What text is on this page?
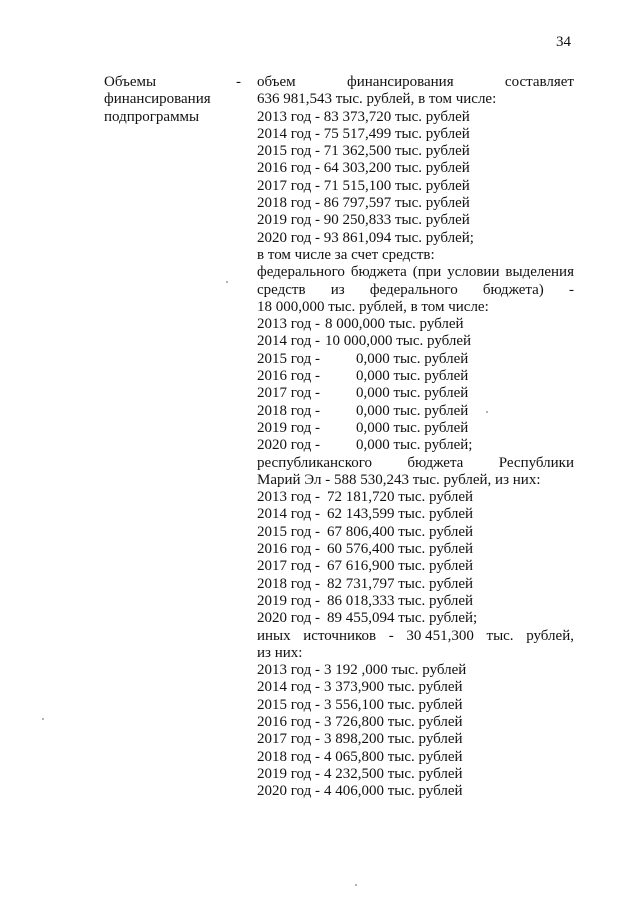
34
Объемы
финансирования
подпрограммы
- объем	финансирования	составляет
636 981,543 тыс. рублей, в том числе:
2013 год - 83 373,720 тыс. рублей
2014 год - 75 517,499 тыс. рублей
2015 год - 71 362,500 тыс. рублей
2016 год - 64 303,200 тыс. рублей
2017 год - 71 515,100 тыс. рублей
2018 год - 86 797,597 тыс. рублей
2019 год - 90 250,833 тыс. рублей
2020 год - 93 861,094 тыс. рублей;
в том числе за счет средств:
федерального бюджета (при условии выделения
средств из федерального бюджета) -
18 000,000 тыс. рублей, в том числе:
2013 год - 8 000,000 тыс. рублей
2014 год - 10 000,000 тыс. рублей
2015 год - 0,000 тыс. рублей
2016 год - 0,000 тыс. рублей
2017 год - 0,000 тыс. рублей
2018 год - 0,000 тыс. рублей
2019 год - 0,000 тыс. рублей
2020 год - 0,000 тыс. рублей;
республиканского бюджета Республики
Марий Эл - 588 530,243 тыс. рублей, из них:
2013 год - 72 181,720 тыс. рублей
2014 год - 62 143,599 тыс. рублей
2015 год - 67 806,400 тыс. рублей
2016 год - 60 576,400 тыс. рублей
2017 год - 67 616,900 тыс. рублей
2018 год - 82 731,797 тыс. рублей
2019 год - 86 018,333 тыс. рублей
2020 год - 89 455,094 тыс. рублей;
иных источников - 30 451,300 тыс. рублей,
из них:
2013 год - 3 192 ,000 тыс. рублей
2014 год - 3 373,900 тыс. рублей
2015 год - 3 556,100 тыс. рублей
2016 год - 3 726,800 тыс. рублей
2017 год - 3 898,200 тыс. рублей
2018 год - 4 065,800 тыс. рублей
2019 год - 4 232,500 тыс. рублей
2020 год - 4 406,000 тыс. рублей
